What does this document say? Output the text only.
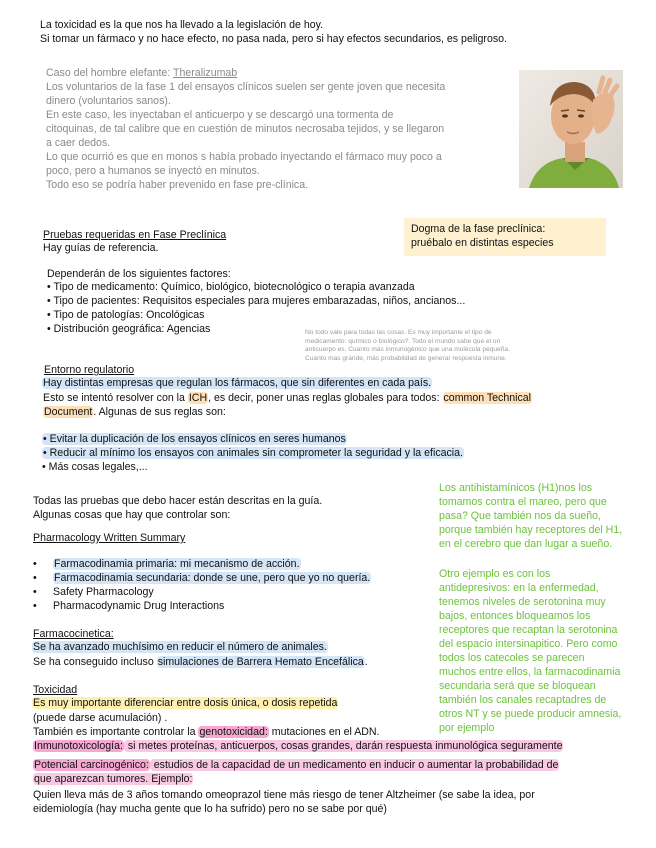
La toxicidad es la que nos ha llevado a la legislación de hoy.
Si tomar un fármaco y no hace efecto, no pasa nada, pero si hay efectos secundarios, es peligroso.
Caso del hombre elefante: Theralizumab
Los voluntarios de la fase 1 del ensayos clínicos suelen ser gente joven que necesita
dinero (voluntarios sanos).
En este caso, les inyectaban el anticuerpo y se descargó una tormenta de
citoquinas, de tal calibre que en cuestión de minutos necrosaba tejidos, y se llegaron
a caer dedos.
Lo que ocurrió es que en monos s había probado inyectando el fármaco muy poco a
poco, pero a humanos se inyectó en minutos.
Todo eso se podría haber prevenido en fase pre-clínica.
Dogma de la fase preclínica:
pruébalo en distintas especies
Pruebas requeridas en Fase Preclínica
Hay guías de referencia.
Dependerán de los siguientes factores:
• Tipo de medicamento: Químico, biológico, biotecnológico o terapia avanzada
• Tipo de pacientes: Requisitos especiales para mujeres embarazadas, niños, ancianos...
• Tipo de patologías: Oncológicas
• Distribución geográfica: Agencias	No todo vale para todas las cosas. Es muy importante el tipo de
medicamento: químico o biológico?. Todo el mundo sabe que el un
anticuerpo es. Cuanto más inmunogénico que una molécula pequeña.
Cuanto mas grande, más probabilidad de generar respuesta inmune.
Entorno regulatorio
Hay distintas empresas que regulan los fármacos, que sin diferentes en cada país.
Esto se intentó resolver con la ICH, es decir, poner unas reglas globales para todos: common Technical
Document. Algunas de sus reglas son:
• Evitar la duplicación de los ensayos clínicos en seres humanos
• Reducir al mínimo los ensayos con animales sin comprometer la seguridad y la eficacia.
• Más cosas legales,...
Todas las pruebas que debo hacer están descritas en la guía.
Algunas cosas que hay que controlar son:
Pharmacology Written Summary
• Farmacodinamia primaria: mi mecanismo de acción.
• Farmacodinamia secundaria: donde se une, pero que yo no quería.
• Safety Pharmacology
• Pharmacodynamic Drug Interactions
Farmacocinetica:
Se ha avanzado muchísimo en reducir el número de animales.
Se ha conseguido incluso simulaciones de Barrera Hemato Encefálica.
Toxicidad
Es muy importante diferenciar entre dosis única, o dosis repetida
(puede darse acumulación) .
También es importante controlar la genotoxicidad: mutaciones en el ADN.
Inmunotoxicología: si metes proteínas, anticuerpos, cosas grandes, darán respuesta inmunológica seguramente
Potencial carcinogénico: estudios de la capacidad de un medicamento en inducir o aumentar la probabilidad de
que aparezcan tumores. Ejemplo:
Quien lleva más de 3 años tomando omeoprazol tiene más riesgo de tener Altzheimer (se sabe la idea, por
eidemiología (hay mucha gente que lo ha sufrido) pero no se sabe por qué)
Los antihistamínicos (H1)nos los
tomamos contra el mareo, pero que
pasa? Que también nos da sueño,
porque también hay receptores del H1,
en el cerebro que dan lugar a sueño.
Otro ejemplo es con los
antidepresivos: en la enfermedad,
tenemos niveles de serotonina muy
bajos, entonces bloqueamos los
receptores que recaptan la serotonina
del espacio intersinapitico. Pero como
todos los catecoles se parecen
muchos entre ellos, la farmacodinamia
secundaria será que se bloquean
también los canales recaptadres de
otros NT y se puede producir amnesia,
por ejemplo
